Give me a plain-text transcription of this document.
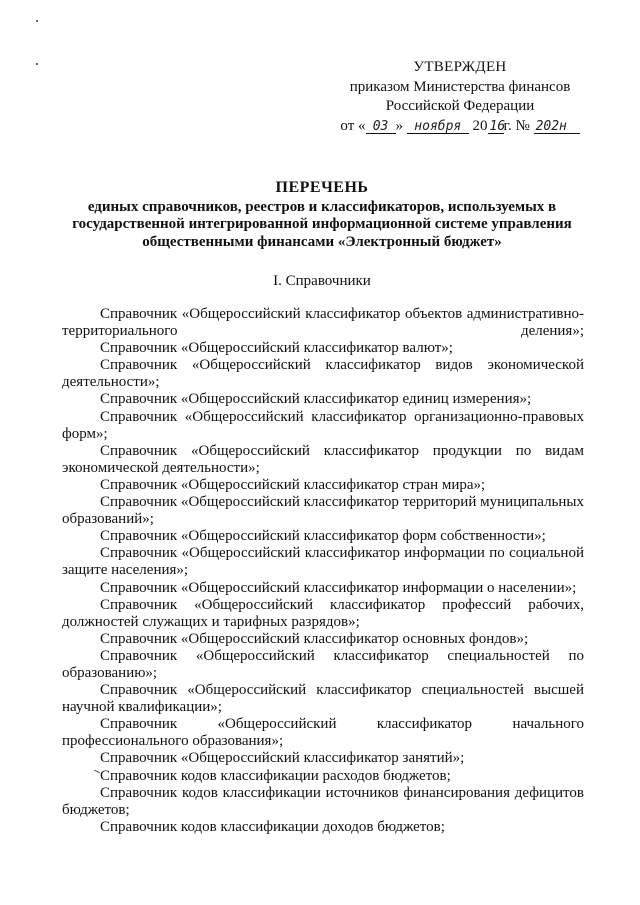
УТВЕРЖДЕН
приказом Министерства финансов
Российской Федерации
от « 03 » ноября 20 16г. № 202н
ПЕРЕЧЕНЬ
единых справочников, реестров и классификаторов, используемых в
государственной интегрированной информационной системе управления
общественными финансами «Электронный бюджет»
I. Справочники
Справочник «Общероссийский классификатор объектов административно-территориального деления»;
Справочник «Общероссийский классификатор валют»;
Справочник «Общероссийский классификатор видов экономической деятельности»;
Справочник «Общероссийский классификатор единиц измерения»;
Справочник «Общероссийский классификатор организационно-правовых форм»;
Справочник «Общероссийский классификатор продукции по видам экономической деятельности»;
Справочник «Общероссийский классификатор стран мира»;
Справочник «Общероссийский классификатор территорий муниципальных образований»;
Справочник «Общероссийский классификатор форм собственности»;
Справочник «Общероссийский классификатор информации по социальной защите населения»;
Справочник «Общероссийский классификатор информации о населении»;
Справочник «Общероссийский классификатор профессий рабочих, должностей служащих и тарифных разрядов»;
Справочник «Общероссийский классификатор основных фондов»;
Справочник «Общероссийский классификатор специальностей по образованию»;
Справочник «Общероссийский классификатор специальностей высшей научной квалификации»;
Справочник «Общероссийский классификатор начального профессионального образования»;
Справочник «Общероссийский классификатор занятий»;
Справочник кодов классификации расходов бюджетов;
Справочник кодов классификации источников финансирования дефицитов бюджетов;
Справочник кодов классификации доходов бюджетов;
